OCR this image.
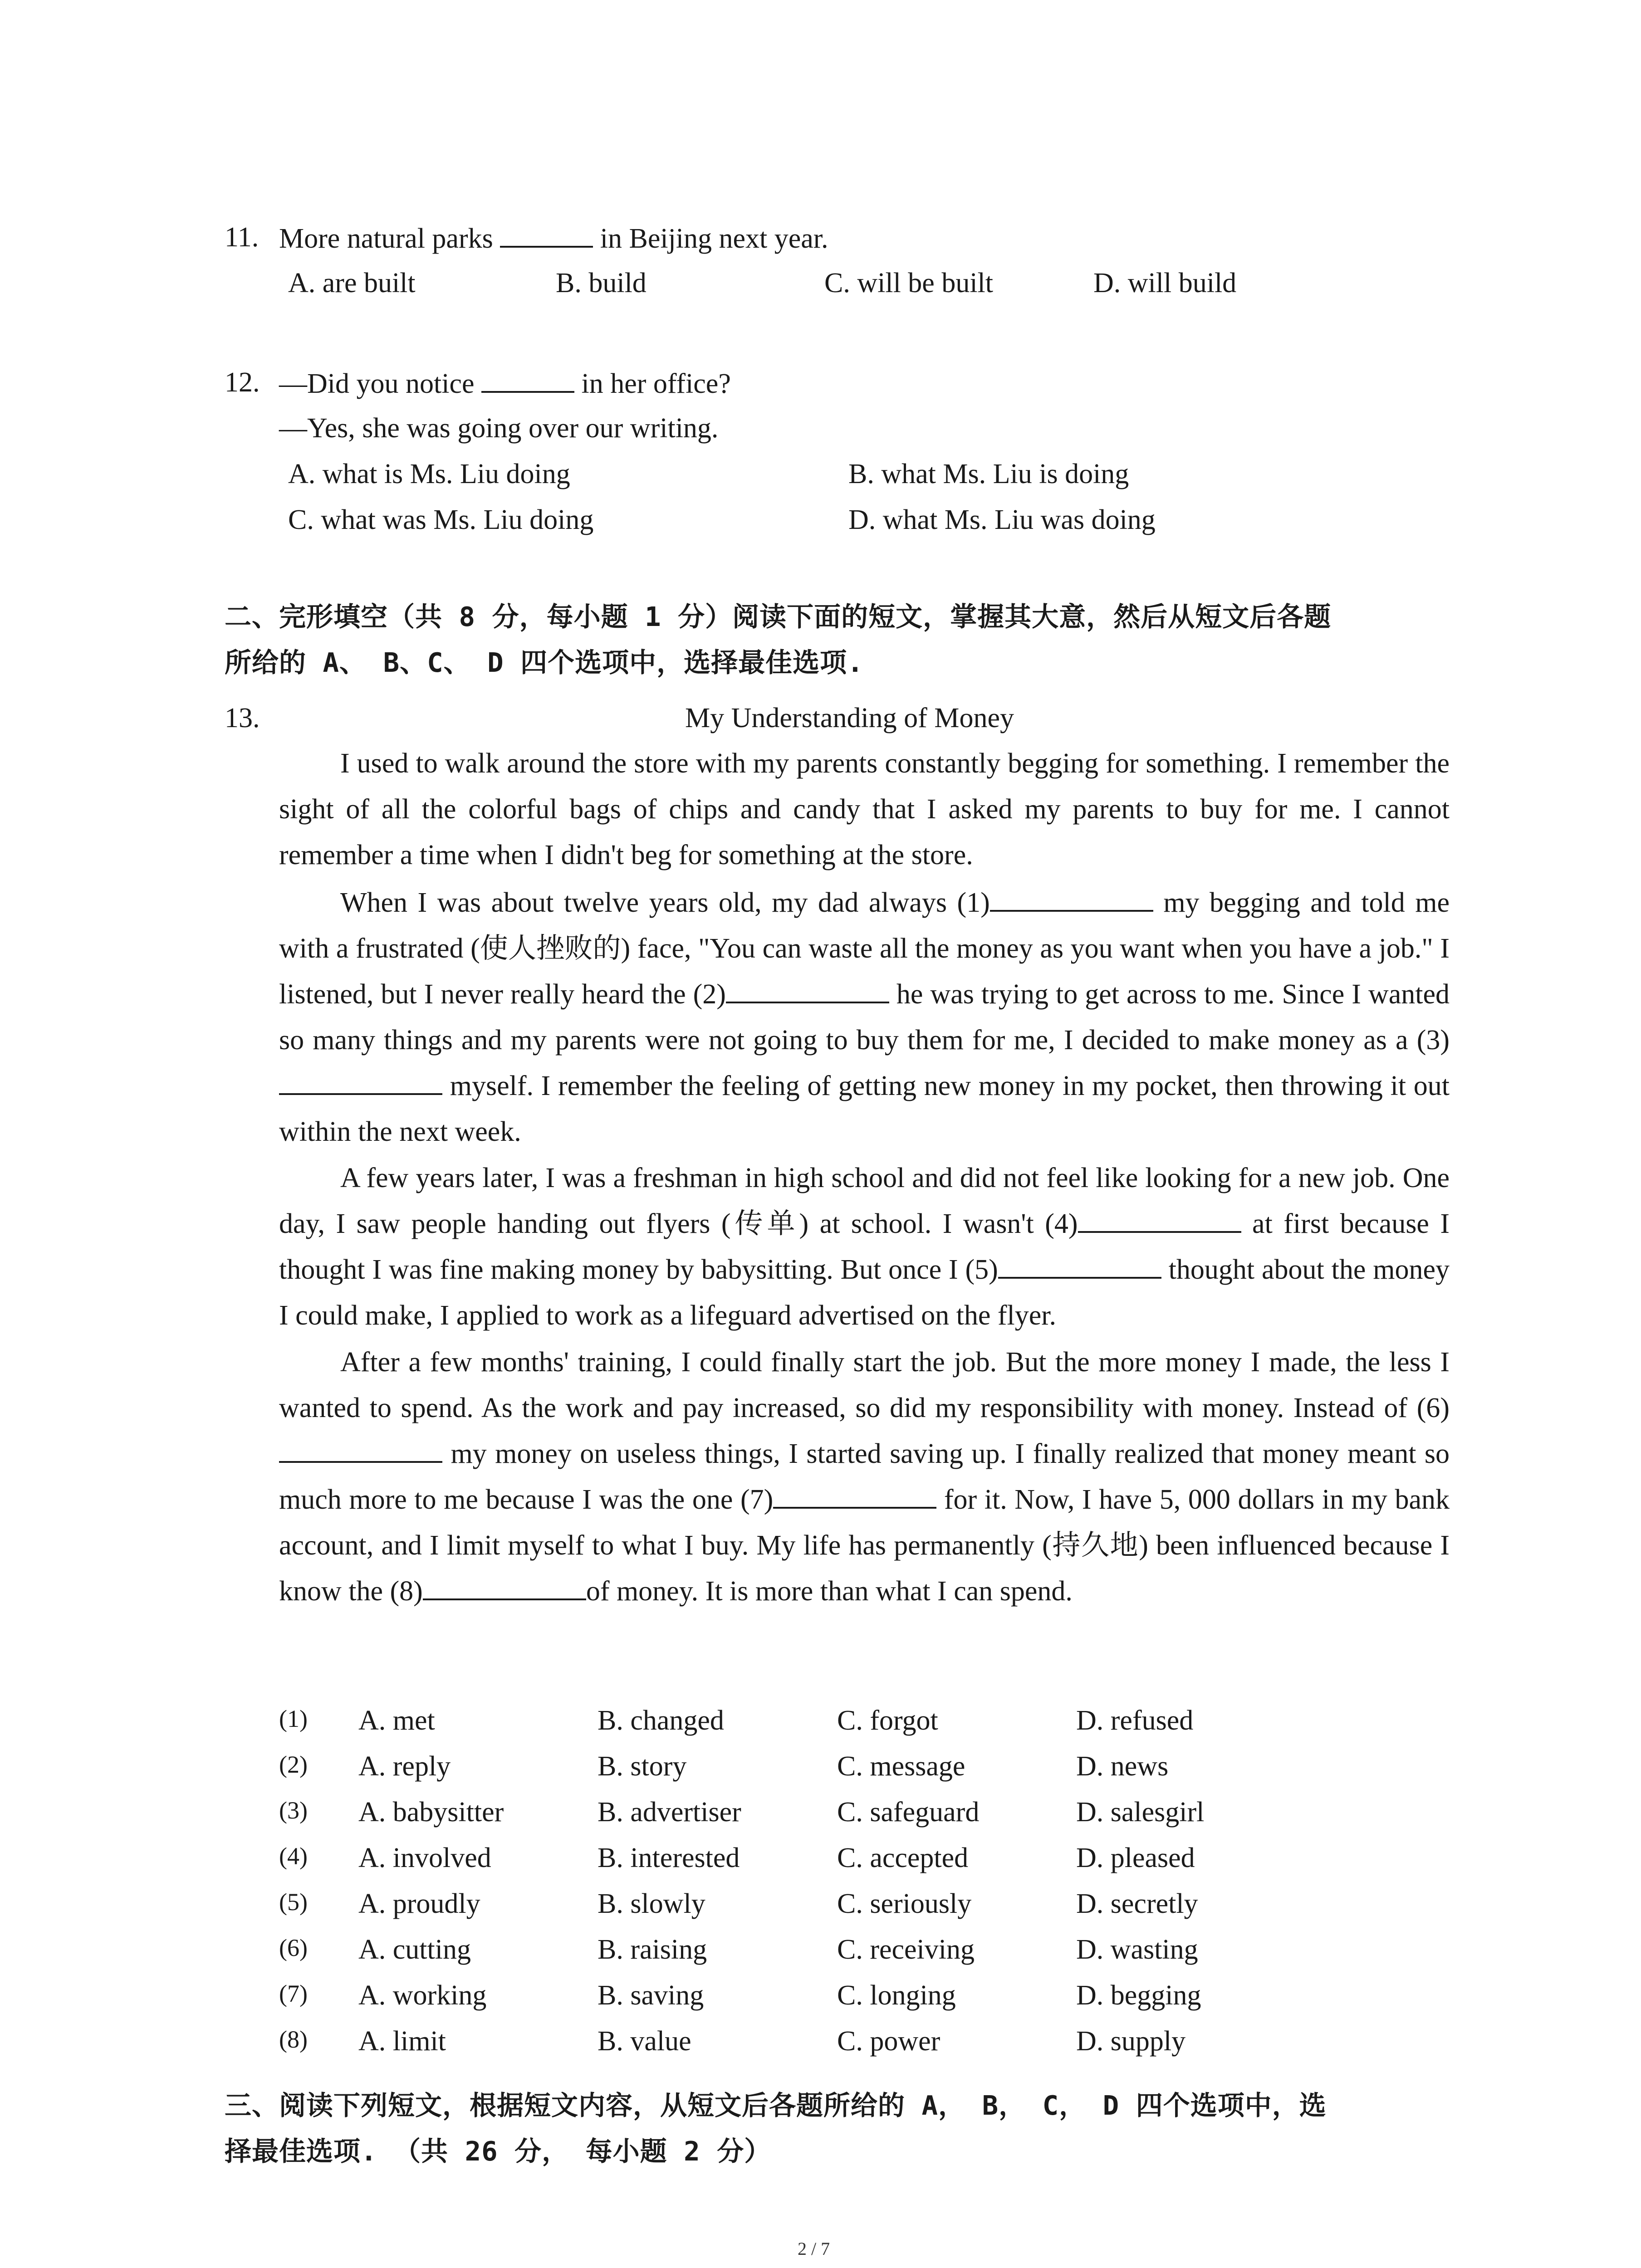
11. More natural parks	in Beijing next year.
A. are built	B. build	C. will be built	D. will build
12. —Did you notice	in her office?
—Yes, she was going over our writing.
A. what is Ms. Liu doing	B. what Ms. Liu is doing
C. what was Ms. Liu doing	D. what Ms. Liu was doing
二、完形填空（共 8 分，每小题 1 分）阅读下面的短文，掌握其大意，然后从短文后各题
所给的 A、 B、C、 D 四个选项中，选择最佳选项.
13.	My Understanding of Money
I used to walk around the store with my parents constantly begging for something. I remember the sight of all the colorful bags of chips and candy that I asked my parents to buy for me. I cannot remember a time when I didn't beg for something at the store.
When I was about twelve years old, my dad always (1)	my begging and told me with a frustrated (使人挫败的) face, "You can waste all the money as you want when you have a job." I listened, but I never really heard the (2)	he was trying to get across to me. Since I wanted so many things and my parents were not going to buy them for me, I decided to make money as a (3) myself. I remember the feeling of getting new money in my pocket, then throwing it out within the next week.
A few years later, I was a freshman in high school and did not feel like looking for a new job. One day, I saw people handing out flyers (传单) at school. I wasn't (4)	at first because I thought I was fine making money by babysitting. But once I (5)	thought about the money I could make, I applied to work as a lifeguard advertised on the flyer.
After a few months' training, I could finally start the job. But the more money I made, the less I wanted to spend. As the work and pay increased, so did my responsibility with money. Instead of (6) my money on useless things, I started saving up. I finally realized that money meant so much more to me because I was the one (7)	for it. Now, I have 5, 000 dollars in my bank account, and I limit myself to what I buy. My life has permanently (持久地) been influenced because I know the (8)	of money. It is more than what I can spend.
(1) A. met	B. changed	C. forgot	D. refused
(2) A. reply	B. story	C. message	D. news
(3) A. babysitter	B. advertiser	C. safeguard	D. salesgirl
(4) A. involved	B. interested	C. accepted	D. pleased
(5) A. proudly	B. slowly	C. seriously	D. secretly
(6) A. cutting	B. raising	C. receiving	D. wasting
(7) A. working	B. saving	C. longing	D. begging
(8) A. limit	B. value	C. power	D. supply
三、阅读下列短文，根据短文内容，从短文后各题所给的 A， B， C， D 四个选项中，选
择最佳选项. （共 26 分， 每小题 2 分）
2 / 7
